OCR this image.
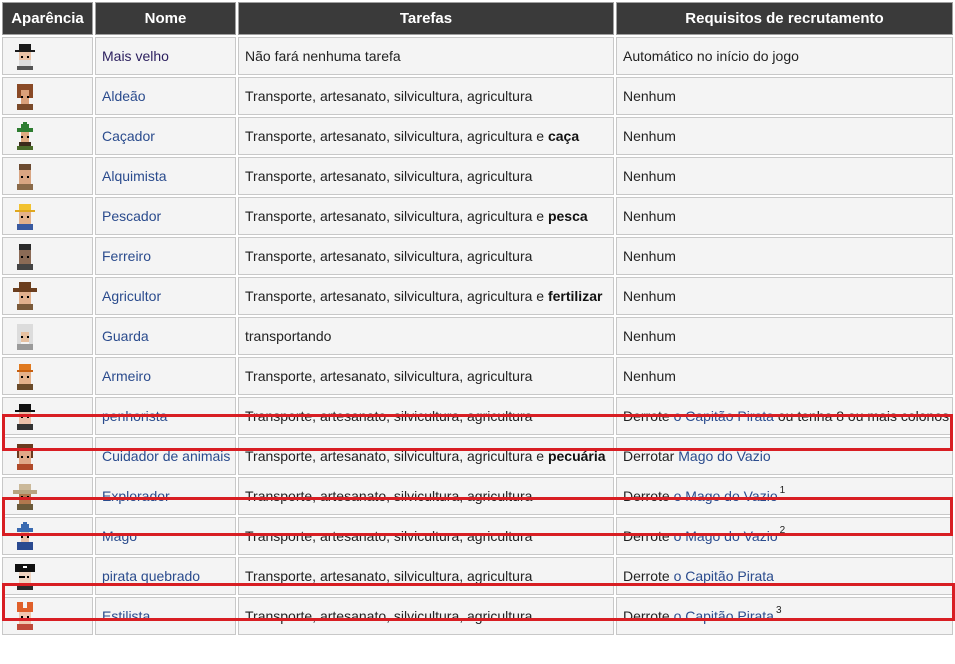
Aparência	Nome	Tarefas	Requisitos de recrutamento

	Mais velho	Não fará nenhuma tarefa	Automático no início do jogo

	Aldeão	Transporte, artesanato, silvicultura, agricultura	Nenhum

	Caçador	Transporte, artesanato, silvicultura, agricultura e caça	Nenhum

	Alquimista	Transporte, artesanato, silvicultura, agricultura	Nenhum

	Pescador	Transporte, artesanato, silvicultura, agricultura e pesca	Nenhum

	Ferreiro	Transporte, artesanato, silvicultura, agricultura	Nenhum

	Agricultor	Transporte, artesanato, silvicultura, agricultura e fertilizar	Nenhum

	Guarda	transportando	Nenhum

	Armeiro	Transporte, artesanato, silvicultura, agricultura	Nenhum

	penhorista	Transporte, artesanato, silvicultura, agricultura	Derrote o Capitão Pirata ou tenha 8 ou mais colonos

	Cuidador de animais	Transporte, artesanato, silvicultura, agricultura e pecuária	Derrotar Mago do Vazio

	Explorador	Transporte, artesanato, silvicultura, agricultura	Derrote o Mago do Vazio $^1$

	Mago	Transporte, artesanato, silvicultura, agricultura	Derrote o Mago do Vazio $^2$

	pirata quebrado	Transporte, artesanato, silvicultura, agricultura	Derrote o Capitão Pirata

	Estilista	Transporte, artesanato, silvicultura, agricultura	Derrote o Capitão Pirata $^3$
